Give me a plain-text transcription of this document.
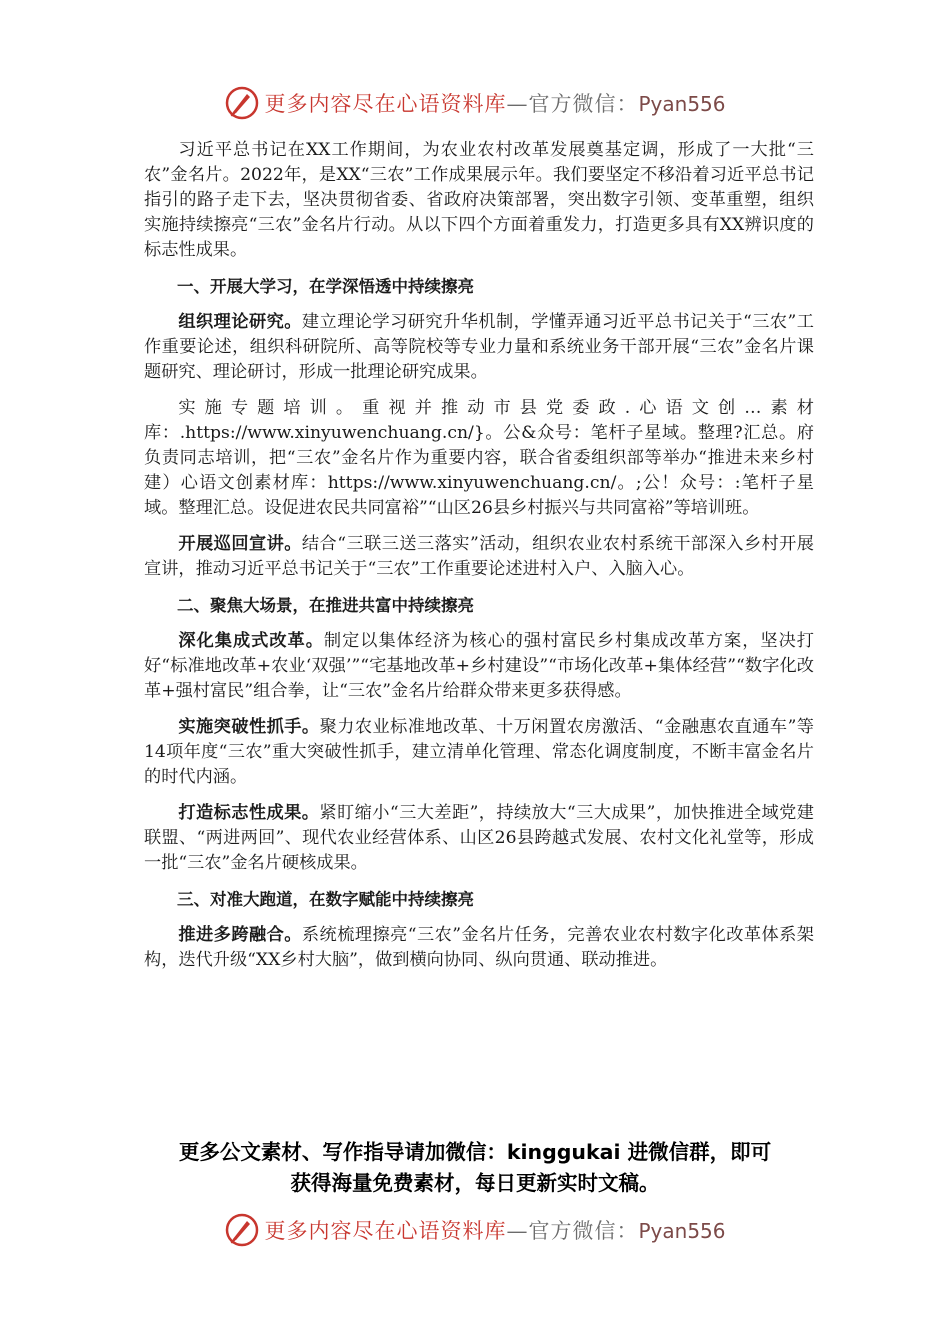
更多内容尽在心语资料库—官方微信：Pyan556

习近平总书记在XX工作期间，为农业农村改革发展奠基定调，形成了一大批“三农”金名片。2022年，是XX“三农”工作成果展示年。我们要坚定不移沿着习近平总书记指引的路子走下去，坚决贯彻省委、省政府决策部署，突出数字引领、变革重塑，组织实施持续擦亮“三农”金名片行动。从以下四个方面着重发力，打造更多具有XX辨识度的标志性成果。

一、开展大学习，在学深悟透中持续擦亮

组织理论研究。建立理论学习研究升华机制，学懂弄通习近平总书记关于“三农”工作重要论述，组织科研院所、高等院校等专业力量和系统业务干部开展“三农”金名片课题研究、理论研讨，形成一批理论研究成果。

实施专题培训。重视并推动市县党委政.心语文创…素材库：.https://www.xinyuwenchuang.cn/}。公&众号：笔杆子星域。整理?汇总。府负责同志培训，把“三农”金名片作为重要内容，联合省委组织部等举办“推进未来乡村建）心语文创素材库：https://www.xinyuwenchuang.cn/。;公！众号：:笔杆子星域。整理汇总。设促进农民共同富裕”“山区26县乡村振兴与共同富裕”等培训班。

开展巡回宣讲。结合“三联三送三落实”活动，组织农业农村系统干部深入乡村开展宣讲，推动习近平总书记关于“三农”工作重要论述进村入户、入脑入心。

二、聚焦大场景，在推进共富中持续擦亮

深化集成式改革。制定以集体经济为核心的强村富民乡村集成改革方案，坚决打好“标准地改革+农业‘双强’”“宅基地改革+乡村建设”“市场化改革+集体经营”“数字化改革+强村富民”组合拳，让“三农”金名片给群众带来更多获得感。

实施突破性抓手。聚力农业标准地改革、十万闲置农房激活、“金融惠农直通车”等14项年度“三农”重大突破性抓手，建立清单化管理、常态化调度制度，不断丰富金名片的时代内涵。

打造标志性成果。紧盯缩小“三大差距”，持续放大“三大成果”，加快推进全域党建联盟、“两进两回”、现代农业经营体系、山区26县跨越式发展、农村文化礼堂等，形成一批“三农”金名片硬核成果。

三、对准大跑道，在数字赋能中持续擦亮

推进多跨融合。系统梳理擦亮“三农”金名片任务，完善农业农村数字化改革体系架构，迭代升级“XX乡村大脑”，做到横向协同、纵向贯通、联动推进。

更多公文素材、写作指导请加微信：kinggukai 进微信群，即可
获得海量免费素材，每日更新实时文稿。
更多内容尽在心语资料库—官方微信：Pyan556
